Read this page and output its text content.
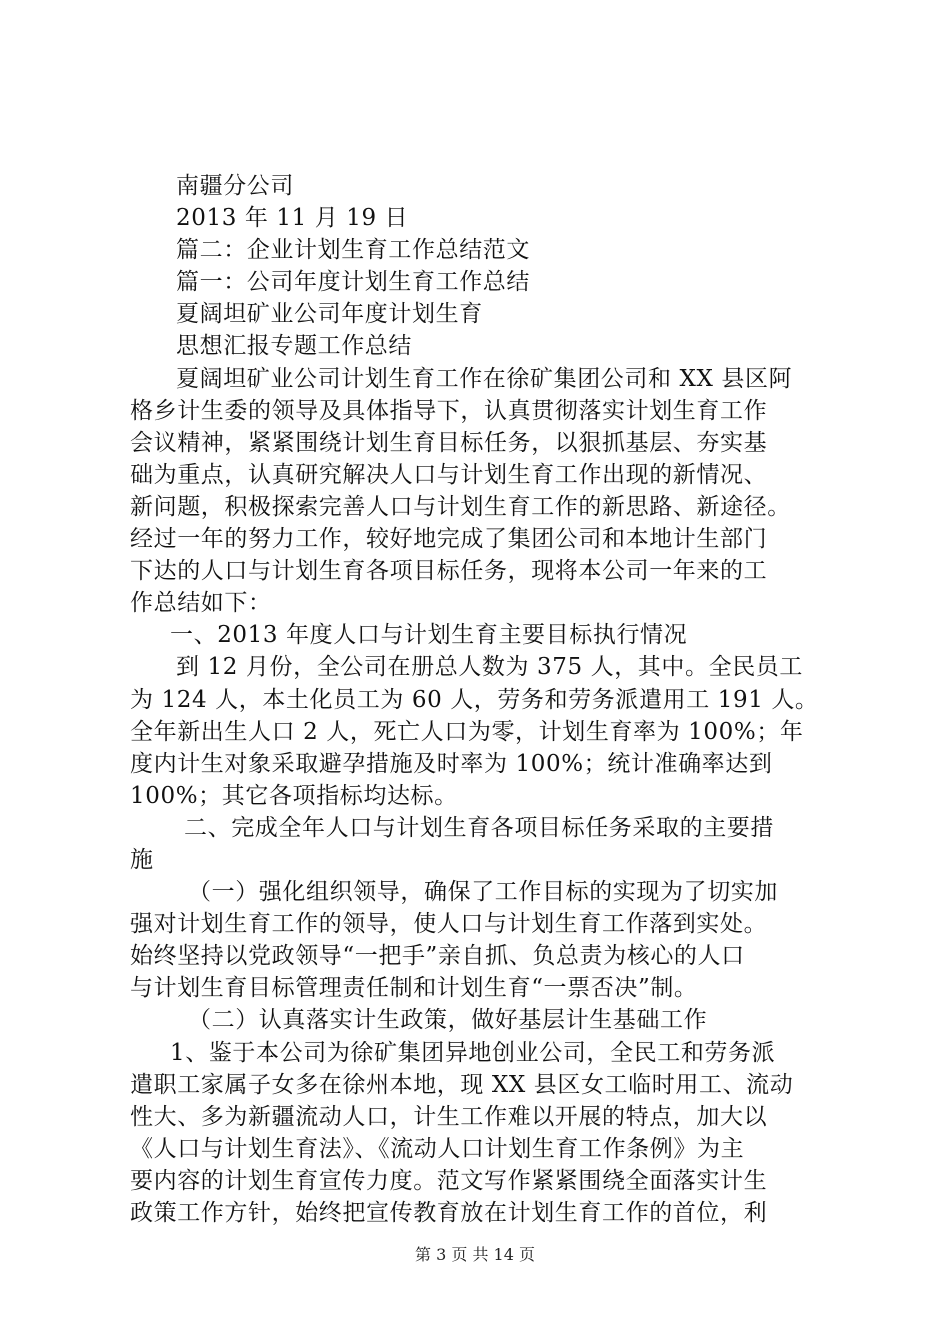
南疆分公司
2013 年 11 月 19 日
篇二：企业计划生育工作总结范文
篇一：公司年度计划生育工作总结
夏阔坦矿业公司年度计划生育
思想汇报专题工作总结
夏阔坦矿业公司计划生育工作在徐矿集团公司和 XX 县区阿
格乡计生委的领导及具体指导下，认真贯彻落实计划生育工作
会议精神，紧紧围绕计划生育目标任务，以狠抓基层、夯实基
础为重点，认真研究解决人口与计划生育工作出现的新情况、
新问题，积极探索完善人口与计划生育工作的新思路、新途径。
经过一年的努力工作，较好地完成了集团公司和本地计生部门
下达的人口与计划生育各项目标任务，现将本公司一年来的工
作总结如下：
一、2013 年度人口与计划生育主要目标执行情况
到 12 月份，全公司在册总人数为 375 人，其中。全民员工
为 124 人，本土化员工为 60 人，劳务和劳务派遣用工 191 人。
全年新出生人口 2 人，死亡人口为零，计划生育率为 100%；年
度内计生对象采取避孕措施及时率为 100%；统计准确率达到
100%；其它各项指标均达标。
二、完成全年人口与计划生育各项目标任务采取的主要措
施
（一）强化组织领导，确保了工作目标的实现为了切实加
强对计划生育工作的领导，使人口与计划生育工作落到实处。
始终坚持以党政领导“一把手”亲自抓、负总责为核心的人口
与计划生育目标管理责任制和计划生育“一票否决”制。
（二）认真落实计生政策，做好基层计生基础工作
1、鉴于本公司为徐矿集团异地创业公司，全民工和劳务派
遣职工家属子女多在徐州本地，现 XX 县区女工临时用工、流动
性大、多为新疆流动人口，计生工作难以开展的特点，加大以
《人口与计划生育法》、《流动人口计划生育工作条例》为主
要内容的计划生育宣传力度。范文写作紧紧围绕全面落实计生
政策工作方针，始终把宣传教育放在计划生育工作的首位，利
第 3 页 共 14 页
